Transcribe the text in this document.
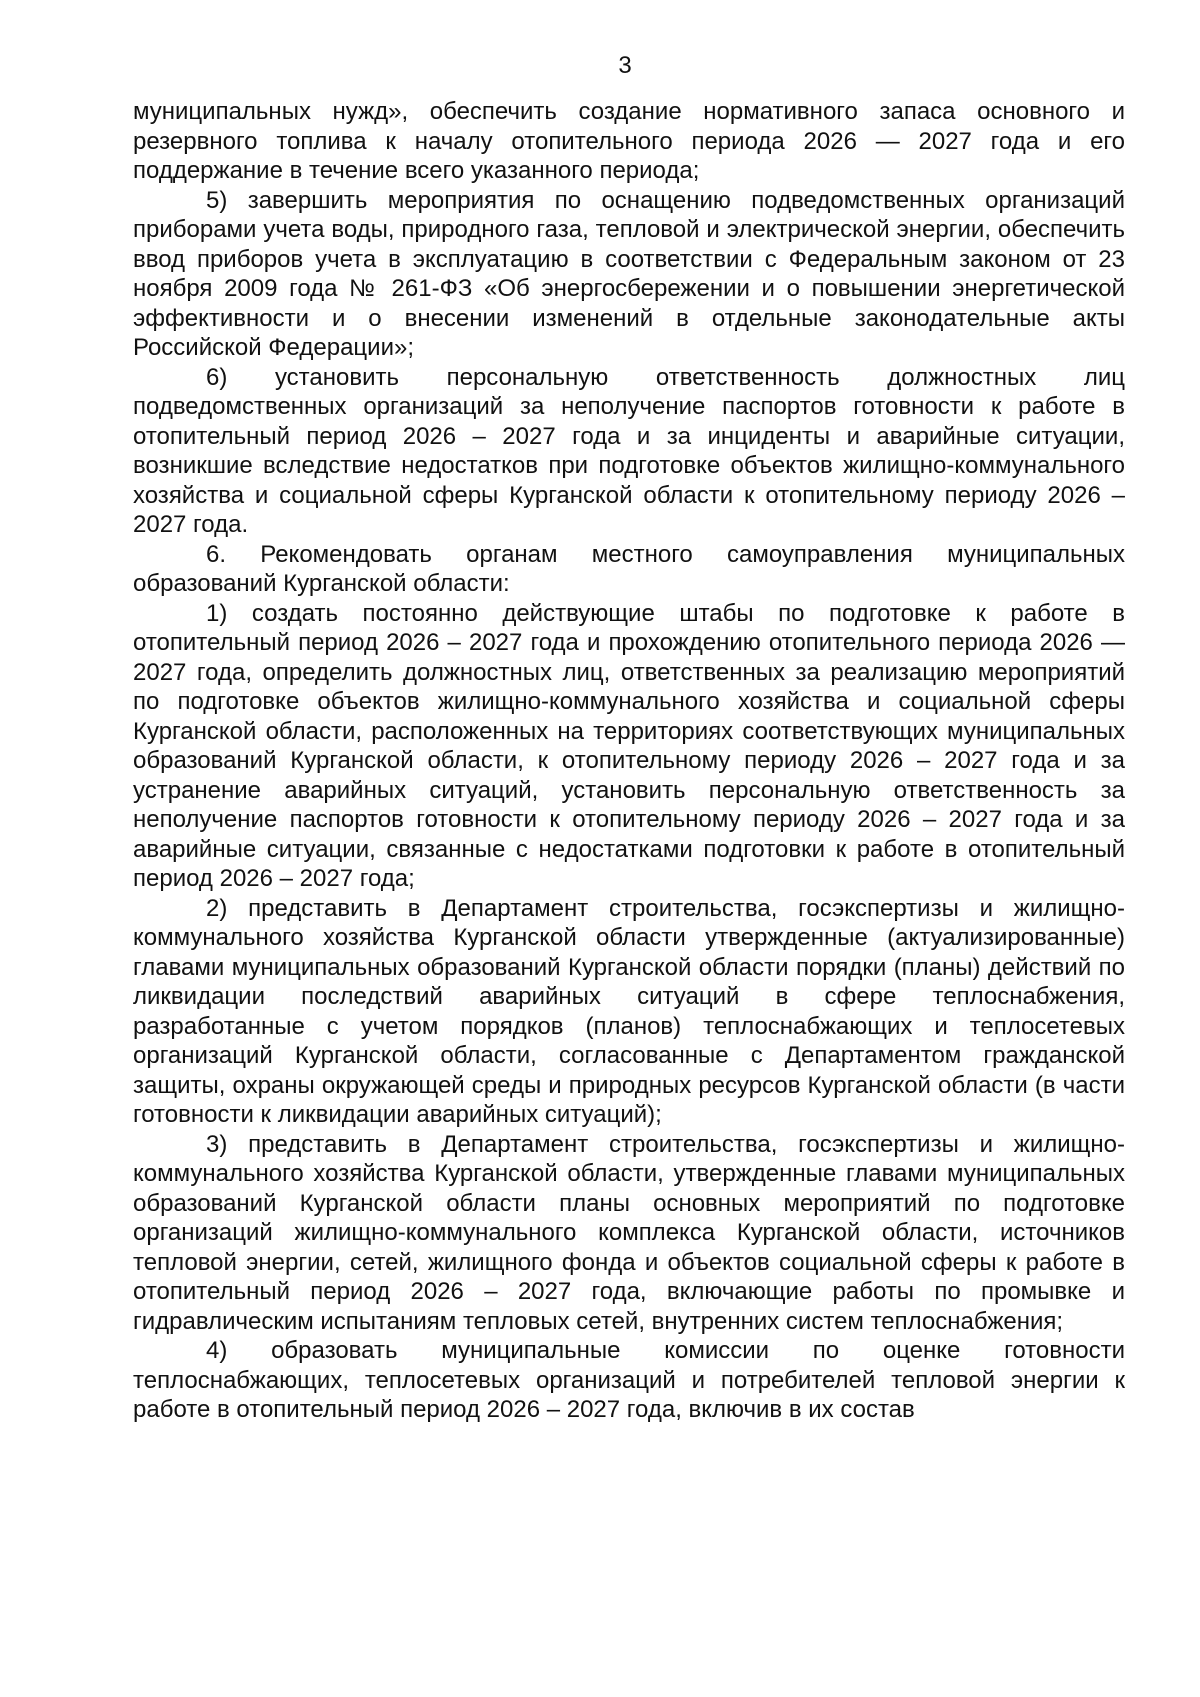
3

муниципальных нужд», обеспечить создание нормативного запаса основного и резервного топлива к началу отопительного периода 2026 — 2027 года и его поддержание в течение всего указанного периода;

5) завершить мероприятия по оснащению подведомственных организаций приборами учета воды, природного газа, тепловой и электрической энергии, обеспечить ввод приборов учета в эксплуатацию в соответствии с Федеральным законом от 23 ноября 2009 года № 261-ФЗ «Об энергосбережении и о повышении энергетической эффективности и о внесении изменений в отдельные законодательные акты Российской Федерации»;

6) установить персональную ответственность должностных лиц подведомственных организаций за неполучение паспортов готовности к работе в отопительный период 2026 – 2027 года и за инциденты и аварийные ситуации, возникшие вследствие недостатков при подготовке объектов жилищно-коммунального хозяйства и социальной сферы Курганской области к отопительному периоду 2026 – 2027 года.

6. Рекомендовать органам местного самоуправления муниципальных образований Курганской области:

1) создать постоянно действующие штабы по подготовке к работе в отопительный период 2026 – 2027 года и прохождению отопительного периода 2026 — 2027 года, определить должностных лиц, ответственных за реализацию мероприятий по подготовке объектов жилищно-коммунального хозяйства и социальной сферы Курганской области, расположенных на территориях соответствующих муниципальных образований Курганской области, к отопительному периоду 2026 – 2027 года и за устранение аварийных ситуаций, установить персональную ответственность за неполучение паспортов готовности к отопительному периоду 2026 – 2027 года и за аварийные ситуации, связанные с недостатками подготовки к работе в отопительный период 2026 – 2027 года;

2) представить в Департамент строительства, госэкспертизы и жилищно-коммунального хозяйства Курганской области утвержденные (актуализированные) главами муниципальных образований Курганской области порядки (планы) действий по ликвидации последствий аварийных ситуаций в сфере теплоснабжения, разработанные с учетом порядков (планов) теплоснабжающих и теплосетевых организаций Курганской области, согласованные с Департаментом гражданской защиты, охраны окружающей среды и природных ресурсов Курганской области (в части готовности к ликвидации аварийных ситуаций);

3) представить в Департамент строительства, госэкспертизы и жилищно-коммунального хозяйства Курганской области, утвержденные главами муниципальных образований Курганской области планы основных мероприятий по подготовке организаций жилищно-коммунального комплекса Курганской области, источников тепловой энергии, сетей, жилищного фонда и объектов социальной сферы к работе в отопительный период 2026 – 2027 года, включающие работы по промывке и гидравлическим испытаниям тепловых сетей, внутренних систем теплоснабжения;

4) образовать муниципальные комиссии по оценке готовности теплоснабжающих, теплосетевых организаций и потребителей тепловой энергии к работе в отопительный период 2026 – 2027 года, включив в их состав
